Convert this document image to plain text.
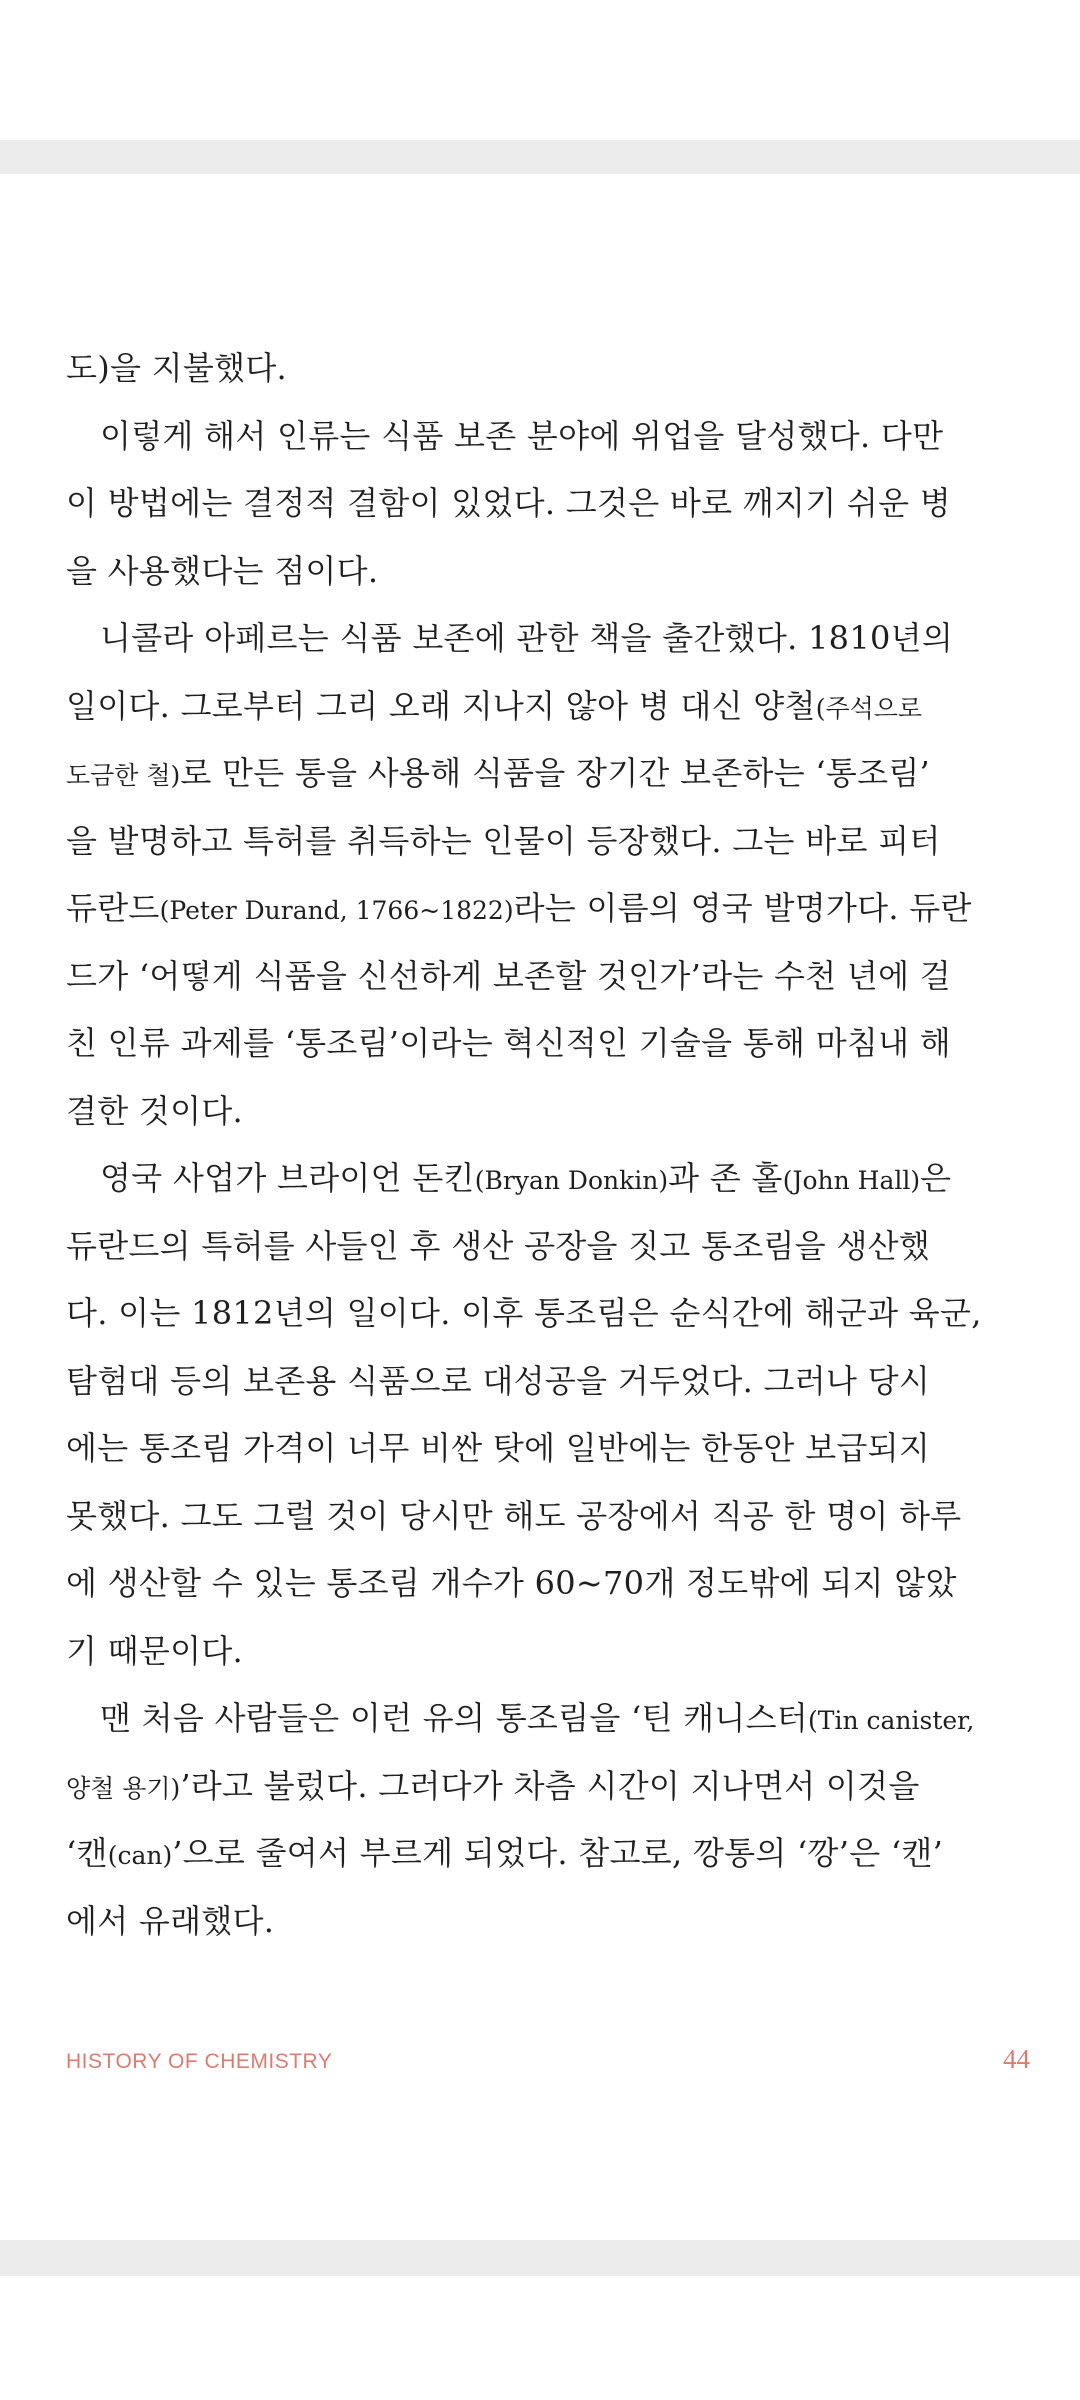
도)을 지불했다.
이렇게 해서 인류는 식품 보존 분야에 위업을 달성했다. 다만
이 방법에는 결정적 결함이 있었다. 그것은 바로 깨지기 쉬운 병
을 사용했다는 점이다.
니콜라 아페르는 식품 보존에 관한 책을 출간했다. 1810년의
일이다. 그로부터 그리 오래 지나지 않아 병 대신 양철(주석으로
도금한 철)로 만든 통을 사용해 식품을 장기간 보존하는 ‘통조림’
을 발명하고 특허를 취득하는 인물이 등장했다. 그는 바로 피터
듀란드(Peter Durand, 1766~1822)라는 이름의 영국 발명가다. 듀란
드가 ‘어떻게 식품을 신선하게 보존할 것인가’라는 수천 년에 걸
친 인류 과제를 ‘통조림’이라는 혁신적인 기술을 통해 마침내 해
결한 것이다.
영국 사업가 브라이언 돈킨(Bryan Donkin)과 존 홀(John Hall)은
듀란드의 특허를 사들인 후 생산 공장을 짓고 통조림을 생산했
다. 이는 1812년의 일이다. 이후 통조림은 순식간에 해군과 육군,
탐험대 등의 보존용 식품으로 대성공을 거두었다. 그러나 당시
에는 통조림 가격이 너무 비싼 탓에 일반에는 한동안 보급되지
못했다. 그도 그럴 것이 당시만 해도 공장에서 직공 한 명이 하루
에 생산할 수 있는 통조림 개수가 60~70개 정도밖에 되지 않았
기 때문이다.
맨 처음 사람들은 이런 유의 통조림을 ‘틴 캐니스터(Tin canister,
양철 용기)’라고 불렀다. 그러다가 차츰 시간이 지나면서 이것을
‘캔(can)’으로 줄여서 부르게 되었다. 참고로, 깡통의 ‘깡’은 ‘캔’
에서 유래했다.
HISTORY OF CHEMISTRY	44
